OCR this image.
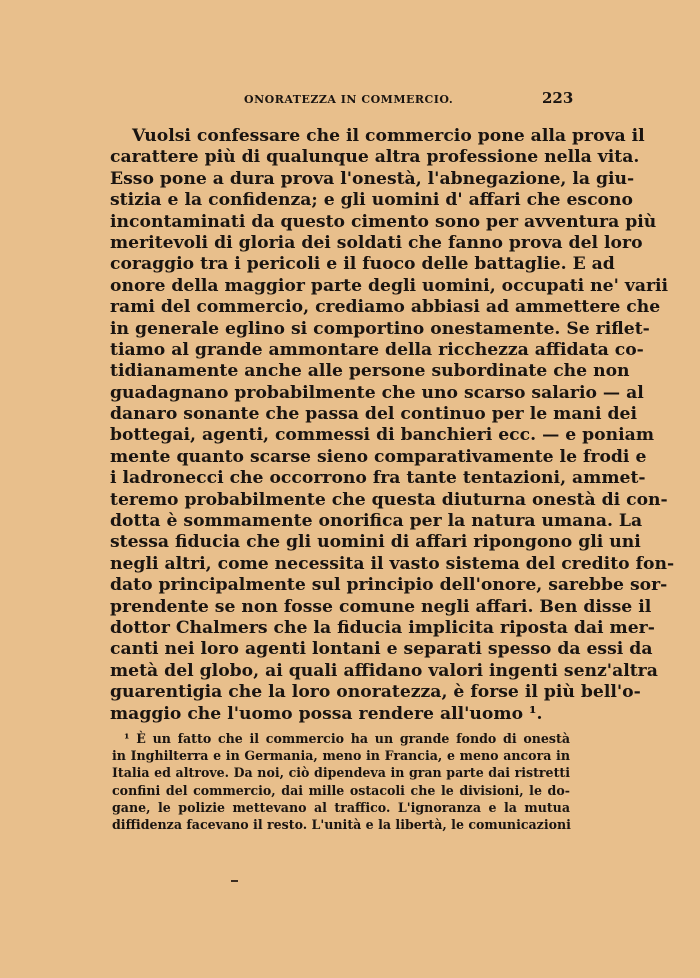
ONORATEZZA IN COMMERCIO.	223
Vuolsi confessare che il commercio pone alla prova il
carattere più di qualunque altra professione nella vita.
Esso pone a dura prova l'onestà, l'abnegazione, la giu-
stizia e la confidenza; e gli uomini d' affari che escono
incontaminati da questo cimento sono per avventura più
meritevoli di gloria dei soldati che fanno prova del loro
coraggio tra i pericoli e il fuoco delle battaglie. E ad
onore della maggior parte degli uomini, occupati ne' varii
rami del commercio, crediamo abbiasi ad ammettere che
in generale eglino si comportino onestamente. Se riflet-
tiamo al grande ammontare della ricchezza affidata co-
tidianamente anche alle persone subordinate che non
guadagnano probabilmente che uno scarso salario — al
danaro sonante che passa del continuo per le mani dei
bottegai, agenti, commessi di banchieri ecc. — e poniam
mente quanto scarse sieno comparativamente le frodi e
i ladronecci che occorrono fra tante tentazioni, ammet-
teremo probabilmente che questa diuturna onestà di con-
dotta è sommamente onorifica per la natura umana. La
stessa fiducia che gli uomini di affari ripongono gli uni
negli altri, come necessita il vasto sistema del credito fon-
dato principalmente sul principio dell'onore, sarebbe sor-
prendente se non fosse comune negli affari. Ben disse il
dottor Chalmers che la fiducia implicita riposta dai mer-
canti nei loro agenti lontani e separati spesso da essi da
metà del globo, ai quali affidano valori ingenti senz'altra
guarentigia che la loro onoratezza, è forse il più bell'o-
maggio che l'uomo possa rendere all'uomo ¹.
¹ È un fatto che il commercio ha un grande fondo di onestà
in Inghilterra e in Germania, meno in Francia, e meno ancora in
Italia ed altrove. Da noi, ciò dipendeva in gran parte dai ristretti
confini del commercio, dai mille ostacoli che le divisioni, le do-
gane, le polizie mettevano al traffico. L'ignoranza e la mutua
diffidenza facevano il resto. L'unità e la libertà, le comunicazioni
